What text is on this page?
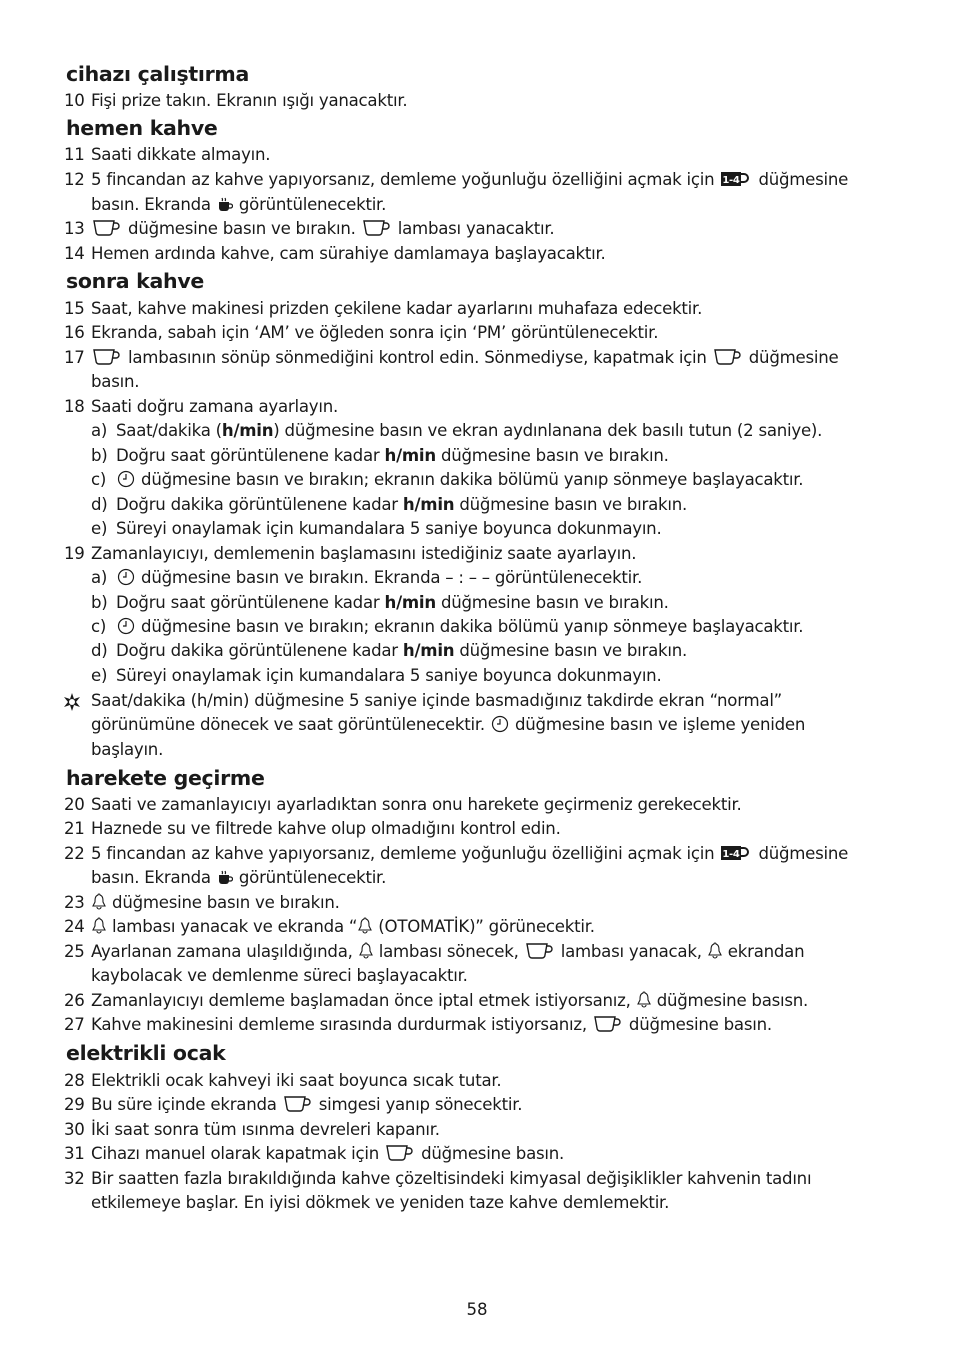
cihazı çalıştırma
10 Fişi prize takın. Ekranın ışığı yanacaktır.
hemen kahve
11 Saati dikkate almayın.
12 5 fincandan az kahve yapıyorsanız, demleme yoğunluğu özelliğini açmak için 1-4 düğmesine
basın. Ekranda görüntülenecektir.
13	düğmesine basın ve bırakın.	lambası yanacaktır.
14 Hemen ardında kahve, cam sürahiye damlamaya başlayacaktır.
sonra kahve
15 Saat, kahve makinesi prizden çekilene kadar ayarlarını muhafaza edecektir.
16 Ekranda, sabah için ‘AM’ ve öğleden sonra için ‘PM’ görüntülenecektir.
17	lambasının sönüp sönmediğini kontrol edin. Sönmediyse, kapatmak için	düğmesine
basın.
18 Saati doğru zamana ayarlayın.
a) Saat/dakika (h/min) düğmesine basın ve ekran aydınlanana dek basılı tutun (2 saniye).
b) Doğru saat görüntülenene kadar h/min düğmesine basın ve bırakın.
c)	düğmesine basın ve bırakın; ekranın dakika bölümü yanıp sönmeye başlayacaktır.
d) Doğru dakika görüntülenene kadar h/min düğmesine basın ve bırakın.
e) Süreyi onaylamak için kumandalara 5 saniye boyunca dokunmayın.
19 Zamanlayıcıyı, demlemenin başlamasını istediğiniz saate ayarlayın.
a)	düğmesine basın ve bırakın. Ekranda – : – – görüntülenecektir.
b) Doğru saat görüntülenene kadar h/min düğmesine basın ve bırakın.
c)	düğmesine basın ve bırakın; ekranın dakika bölümü yanıp sönmeye başlayacaktır.
d) Doğru dakika görüntülenene kadar h/min düğmesine basın ve bırakın.
e) Süreyi onaylamak için kumandalara 5 saniye boyunca dokunmayın.
Saat/dakika (h/min) düğmesine 5 saniye içinde basmadığınız takdirde ekran “normal”
görünümüne dönecek ve saat görüntülenecektir. düğmesine basın ve işleme yeniden
başlayın.
harekete geçirme
20 Saati ve zamanlayıcıyı ayarladıktan sonra onu harekete geçirmeniz gerekecektir.
21 Haznede su ve filtrede kahve olup olmadığını kontrol edin.
22 5 fincandan az kahve yapıyorsanız, demleme yoğunluğu özelliğini açmak için 1-4 düğmesine
basın. Ekranda görüntülenecektir.
23	düğmesine basın ve bırakın.
24	lambası yanacak ve ekranda “
(OTOMATİK)” görünecektir.
25 Ayarlanan zamana ulaşıldığında, lambası sönecek,	lambası yanacak, ekrandan
kaybolacak ve demlenme süreci başlayacaktır.
26 Zamanlayıcıyı demleme başlamadan önce iptal etmek istiyorsanız, düğmesine basısn.
27 Kahve makinesini demleme sırasında durdurmak istiyorsanız,	düğmesine basın.
elektrikli ocak
28 Elektrikli ocak kahveyi iki saat boyunca sıcak tutar.
29 Bu süre içinde ekranda	simgesi yanıp sönecektir.
30 İki saat sonra tüm ısınma devreleri kapanır.
31 Cihazı manuel olarak kapatmak için	düğmesine basın.
32 Bir saatten fazla bırakıldığında kahve çözeltisindeki kimyasal değişiklikler kahvenin tadını
etkilemeye başlar. En iyisi dökmek ve yeniden taze kahve demlemektir.
58
